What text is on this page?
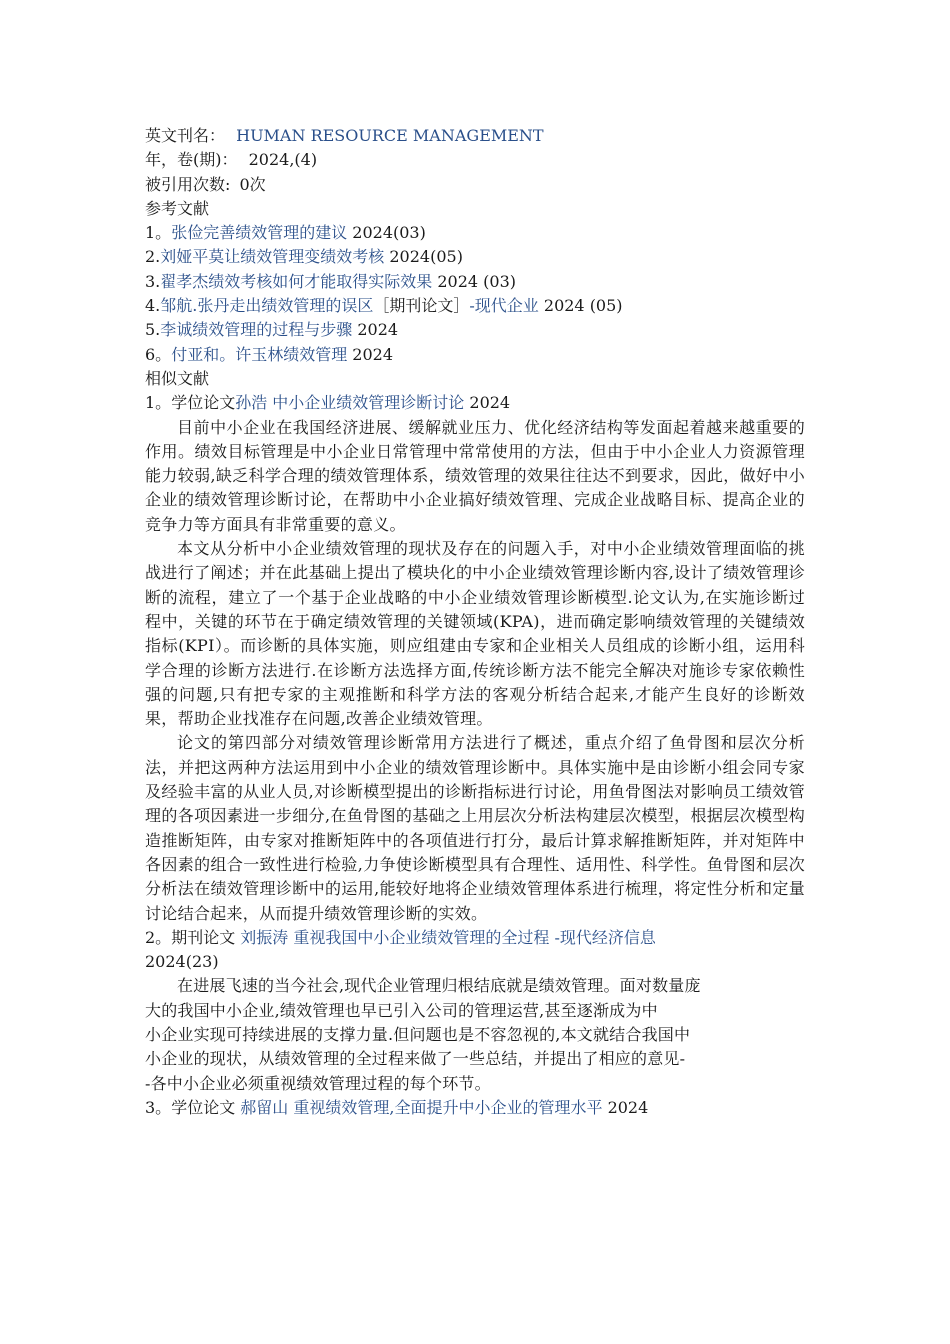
英文刊名： HUMAN RESOURCE MANAGEMENT
年，卷(期)： 2024,(4)
被引用次数: 0次
参考文献
1。张俭完善绩效管理的建议 2024(03)
2.刘娅平莫让绩效管理变绩效考核 2024(05)
3.翟孝杰绩效考核如何才能取得实际效果 2024 (03)
4.邹航.张丹走出绩效管理的误区［期刊论文］-现代企业 2024 (05)
5.李诚绩效管理的过程与步骤 2024
6。付亚和。许玉林绩效管理 2024
相似文献
1。学位论文孙浩 中小企业绩效管理诊断讨论 2024

目前中小企业在我国经济进展、缓解就业压力、优化经济结构等发面起着越来越重要的作用。绩效目标管理是中小企业日常管理中常常使用的方法，但由于中小企业人力资源管理能力较弱,缺乏科学合理的绩效管理体系，绩效管理的效果往往达不到要求，因此，做好中小企业的绩效管理诊断讨论，在帮助中小企业搞好绩效管理、完成企业战略目标、提高企业的竞争力等方面具有非常重要的意义。

本文从分析中小企业绩效管理的现状及存在的问题入手，对中小企业绩效管理面临的挑战进行了阐述；并在此基础上提出了模块化的中小企业绩效管理诊断内容,设计了绩效管理诊断的流程，建立了一个基于企业战略的中小企业绩效管理诊断模型.论文认为,在实施诊断过程中，关键的环节在于确定绩效管理的关键领域(KPA)，进而确定影响绩效管理的关键绩效指标(KPI）。而诊断的具体实施，则应组建由专家和企业相关人员组成的诊断小组，运用科学合理的诊断方法进行.在诊断方法选择方面,传统诊断方法不能完全解决对施诊专家依赖性强的问题,只有把专家的主观推断和科学方法的客观分析结合起来,才能产生良好的诊断效果，帮助企业找准存在问题,改善企业绩效管理。

论文的第四部分对绩效管理诊断常用方法进行了概述，重点介绍了鱼骨图和层次分析法，并把这两种方法运用到中小企业的绩效管理诊断中。具体实施中是由诊断小组会同专家及经验丰富的从业人员,对诊断模型提出的诊断指标进行讨论，用鱼骨图法对影响员工绩效管理的各项因素进一步细分,在鱼骨图的基础之上用层次分析法构建层次模型，根据层次模型构造推断矩阵，由专家对推断矩阵中的各项值进行打分，最后计算求解推断矩阵，并对矩阵中各因素的组合一致性进行检验,力争使诊断模型具有合理性、适用性、科学性。鱼骨图和层次分析法在绩效管理诊断中的运用,能较好地将企业绩效管理体系进行梳理，将定性分析和定量讨论结合起来，从而提升绩效管理诊断的实效。

2。期刊论文 刘振涛 重视我国中小企业绩效管理的全过程 -现代经济信息
2024(23)
在进展飞速的当今社会,现代企业管理归根结底就是绩效管理。面对数量庞
大的我国中小企业,绩效管理也早已引入公司的管理运营,甚至逐渐成为中
小企业实现可持续进展的支撑力量.但问题也是不容忽视的,本文就结合我国中
小企业的现状，从绩效管理的全过程来做了一些总结，并提出了相应的意见-
-各中小企业必须重视绩效管理过程的每个环节。
3。学位论文 郝留山 重视绩效管理,全面提升中小企业的管理水平 2024
